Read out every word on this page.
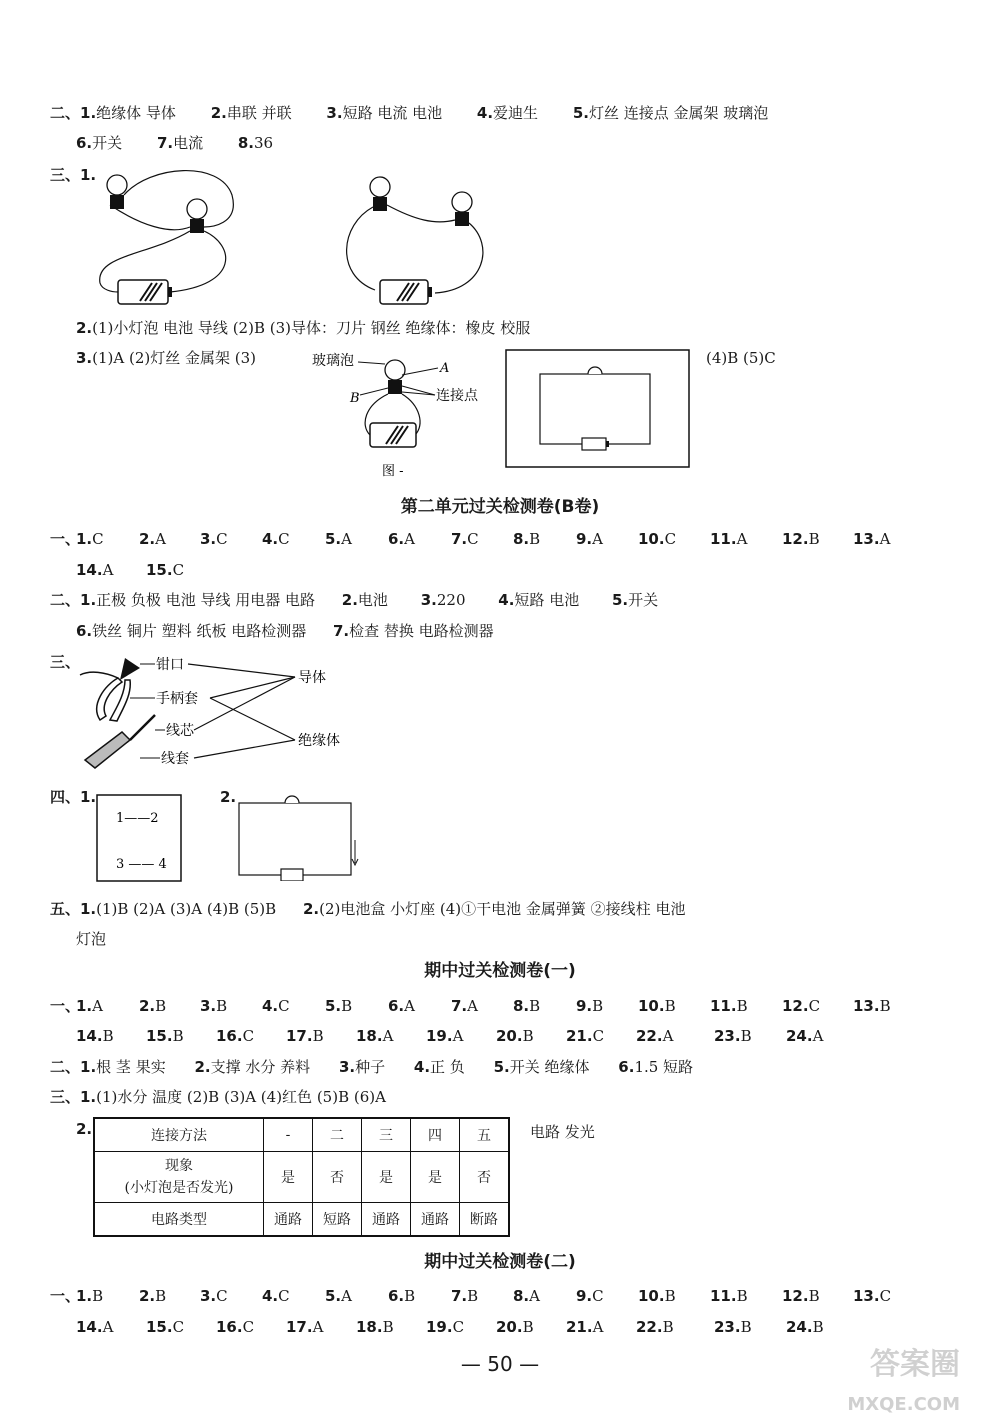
二、1.绝缘体 导体 2.串联 并联 3.短路 电流 电池 4.爱迪生 5.灯丝 连接点 金属架 玻璃泡
6.开关 7.电流 8.36
三、1.
2.(1)小灯泡 电池 导线 (2)B (3)导体：刀片 钢丝 绝缘体：橡皮 校服
3.(1)A (2)灯丝 金属架 (3)	玻璃泡	A
B	连接点
图 -
(4)B (5)C
第二单元过关检测卷(B卷)
一、
1.C 2.A 3.C 4.C 5.A 6.A 7.C 8.B 9.A 10.C 11.A 12.B 13.A
14.A 15.C
二、1.正极 负极 电池 导线 用电器 电路 2.电池 3.220 4.短路 电池 5.开关
6.铁丝 铜片 塑料 纸板 电路检测器 7.检查 替换 电路检测器
三、	钳口
手柄套
线芯
线套
导体
绝缘体
四、1.
1——2
3 —— 4
2.
五、1.(1)B (2)A (3)A (4)B (5)B 2.(2)电池盒 小灯座 (4)①干电池 金属弹簧 ②接线柱 电池
灯泡
期中过关检测卷(一)
一、
1.A 2.B 3.B 4.C 5.B 6.A 7.A 8.B 9.B 10.B 11.B 12.C 13.B
14.B 15.B 16.C 17.B 18.A 19.A 20.B 21.C 22.A	23.B 24.A
二、1.根 茎 果实 2.支撑 水分 养料 3.种子 4.正 负 5.开关 绝缘体 6.1.5 短路
三、1.(1)水分 温度 (2)B (3)A (4)红色 (5)B (6)A
2.	连接方法	-	二	三	四	五

现象
(小灯泡是否发光)	是	否	是	是	否
电路类型	通路	短路	通路	通路	断路
电路 发光
期中过关检测卷(二)
一、
1.B 2.B 3.C 4.C 5.A 6.B 7.B 8.A 9.C 10.B 11.B 12.B 13.C
14.A 15.C 16.C 17.A 18.B 19.C 20.B 21.A 22.B	23.B 24.B
— 50 —	答案圈
MXQE.COM
